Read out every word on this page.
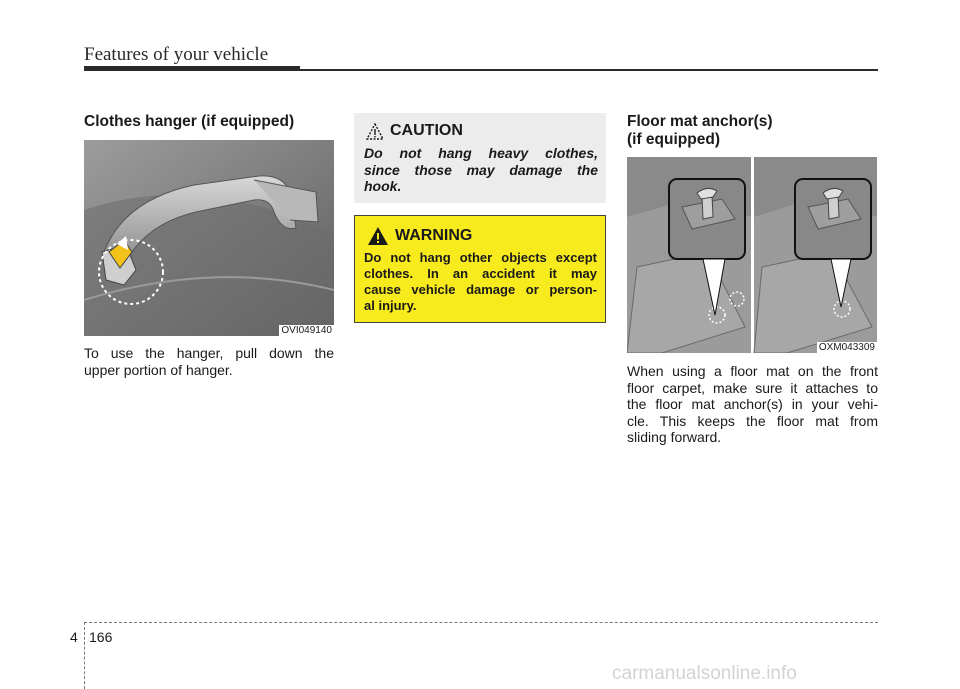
Features of your vehicle
Clothes hanger (if equipped)
OVI049140
To use the hanger, pull down the
upper portion of hanger.
CAUTION
Do not hang heavy clothes,
since those may damage the
hook.
WARNING
Do not hang other objects except
clothes. In an accident it may
cause vehicle damage or person-
al injury.
Floor mat anchor(s)
(if equipped)
OXM043309
When using a floor mat on the front
floor carpet, make sure it attaches to
the floor mat anchor(s) in your vehi-
cle. This keeps the floor mat from
sliding forward.
4 166
carmanualsonline.info
